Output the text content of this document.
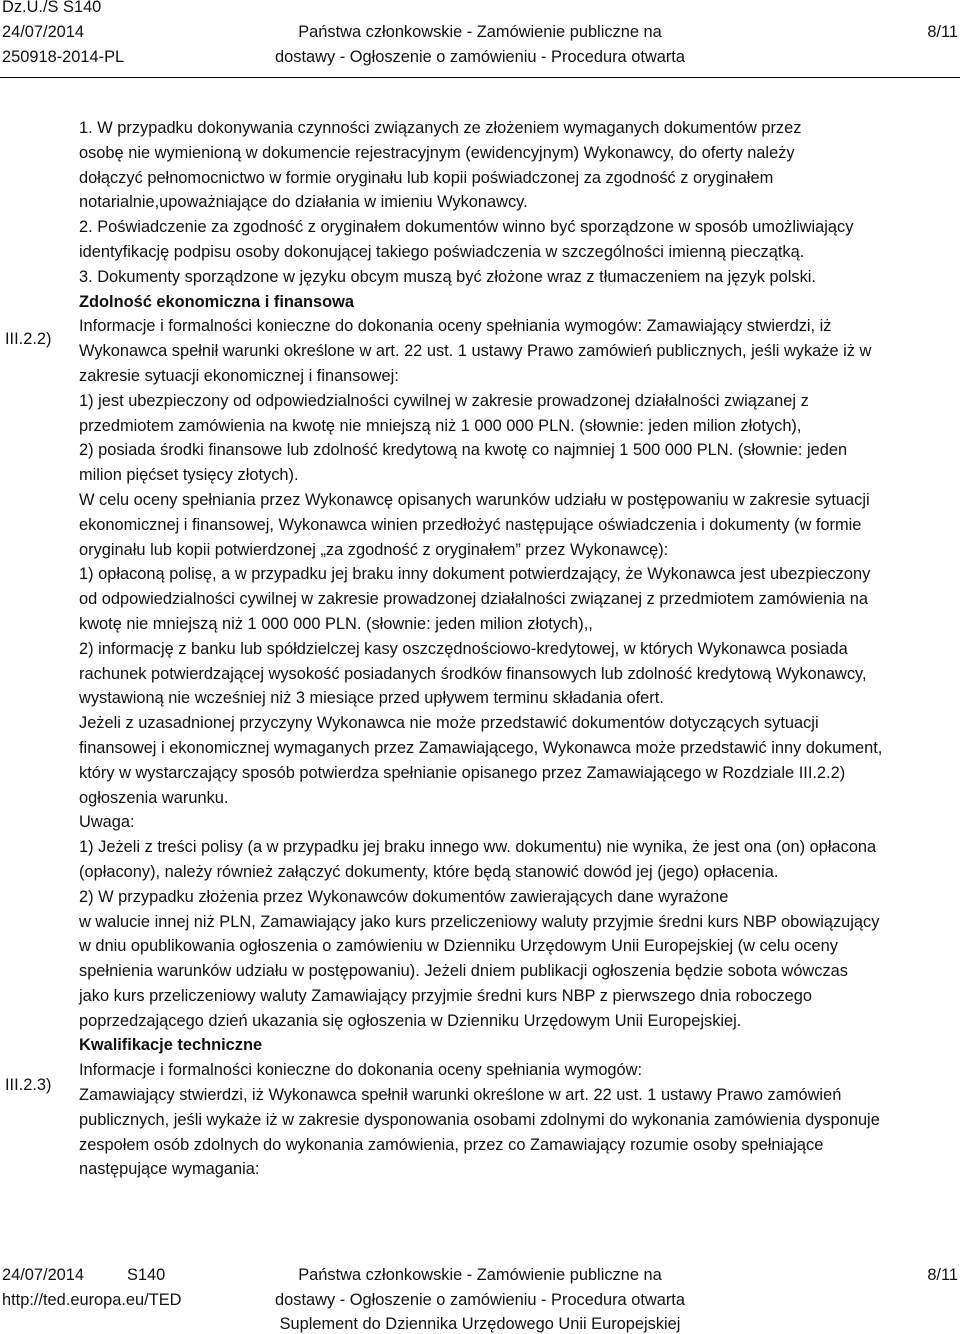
Dz.U./S S140
24/07/2014
250918-2014-PL
Państwa członkowskie - Zamówienie publiczne na
dostawy - Ogłoszenie o zamówieniu - Procedura otwarta
8/11
III.2.2)
III.2.3)
1. W przypadku dokonywania czynności związanych ze złożeniem wymaganych dokumentów przez
osobę nie wymienioną w dokumencie rejestracyjnym (ewidencyjnym) Wykonawcy, do oferty należy
dołączyć pełnomocnictwo w formie oryginału lub kopii poświadczonej za zgodność z oryginałem
notarialnie,upoważniające do działania w imieniu Wykonawcy.
2. Poświadczenie za zgodność z oryginałem dokumentów winno być sporządzone w sposób umożliwiający
identyfikację podpisu osoby dokonującej takiego poświadczenia w szczególności imienną pieczątką.
3. Dokumenty sporządzone w języku obcym muszą być złożone wraz z tłumaczeniem na język polski.
Zdolność ekonomiczna i finansowa
Informacje i formalności konieczne do dokonania oceny spełniania wymogów: Zamawiający stwierdzi, iż
Wykonawca spełnił warunki określone w art. 22 ust. 1 ustawy Prawo zamówień publicznych, jeśli wykaże iż w
zakresie sytuacji ekonomicznej i finansowej:
1) jest ubezpieczony od odpowiedzialności cywilnej w zakresie prowadzonej działalności związanej z
przedmiotem zamówienia na kwotę nie mniejszą niż 1 000 000 PLN. (słownie: jeden milion złotych),
2) posiada środki finansowe lub zdolność kredytową na kwotę co najmniej 1 500 000 PLN. (słownie: jeden
milion pięćset tysięcy złotych).
W celu oceny spełniania przez Wykonawcę opisanych warunków udziału w postępowaniu w zakresie sytuacji
ekonomicznej i finansowej, Wykonawca winien przedłożyć następujące oświadczenia i dokumenty (w formie
oryginału lub kopii potwierdzonej „za zgodność z oryginałem” przez Wykonawcę):
1) opłaconą polisę, a w przypadku jej braku inny dokument potwierdzający, że Wykonawca jest ubezpieczony
od odpowiedzialności cywilnej w zakresie prowadzonej działalności związanej z przedmiotem zamówienia na
kwotę nie mniejszą niż 1 000 000 PLN. (słownie: jeden milion złotych),,
2) informację z banku lub spółdzielczej kasy oszczędnościowo-kredytowej, w których Wykonawca posiada
rachunek potwierdzającej wysokość posiadanych środków finansowych lub zdolność kredytową Wykonawcy,
wystawioną nie wcześniej niż 3 miesiące przed upływem terminu składania ofert.
Jeżeli z uzasadnionej przyczyny Wykonawca nie może przedstawić dokumentów dotyczących sytuacji
finansowej i ekonomicznej wymaganych przez Zamawiającego, Wykonawca może przedstawić inny dokument,
który w wystarczający sposób potwierdza spełnianie opisanego przez Zamawiającego w Rozdziale III.2.2)
ogłoszenia warunku.
Uwaga:
1) Jeżeli z treści polisy (a w przypadku jej braku innego ww. dokumentu) nie wynika, że jest ona (on) opłacona
(opłacony), należy również załączyć dokumenty, które będą stanowić dowód jej (jego) opłacenia.
2) W przypadku złożenia przez Wykonawców dokumentów zawierających dane wyrażone
w walucie innej niż PLN, Zamawiający jako kurs przeliczeniowy waluty przyjmie średni kurs NBP obowiązujący
w dniu opublikowania ogłoszenia o zamówieniu w Dzienniku Urzędowym Unii Europejskiej (w celu oceny
spełnienia warunków udziału w postępowaniu). Jeżeli dniem publikacji ogłoszenia będzie sobota wówczas
jako kurs przeliczeniowy waluty Zamawiający przyjmie średni kurs NBP z pierwszego dnia roboczego
poprzedzającego dzień ukazania się ogłoszenia w Dzienniku Urzędowym Unii Europejskiej.
Kwalifikacje techniczne
Informacje i formalności konieczne do dokonania oceny spełniania wymogów:
Zamawiający stwierdzi, iż Wykonawca spełnił warunki określone w art. 22 ust. 1 ustawy Prawo zamówień
publicznych, jeśli wykaże iż w zakresie dysponowania osobami zdolnymi do wykonania zamówienia dysponuje
zespołem osób zdolnych do wykonania zamówienia, przez co Zamawiający rozumie osoby spełniające
następujące wymagania:
24/07/2014	S140
http://ted.europa.eu/TED
Państwa członkowskie - Zamówienie publiczne na
dostawy - Ogłoszenie o zamówieniu - Procedura otwarta
Suplement do Dziennika Urzędowego Unii Europejskiej
8/11
